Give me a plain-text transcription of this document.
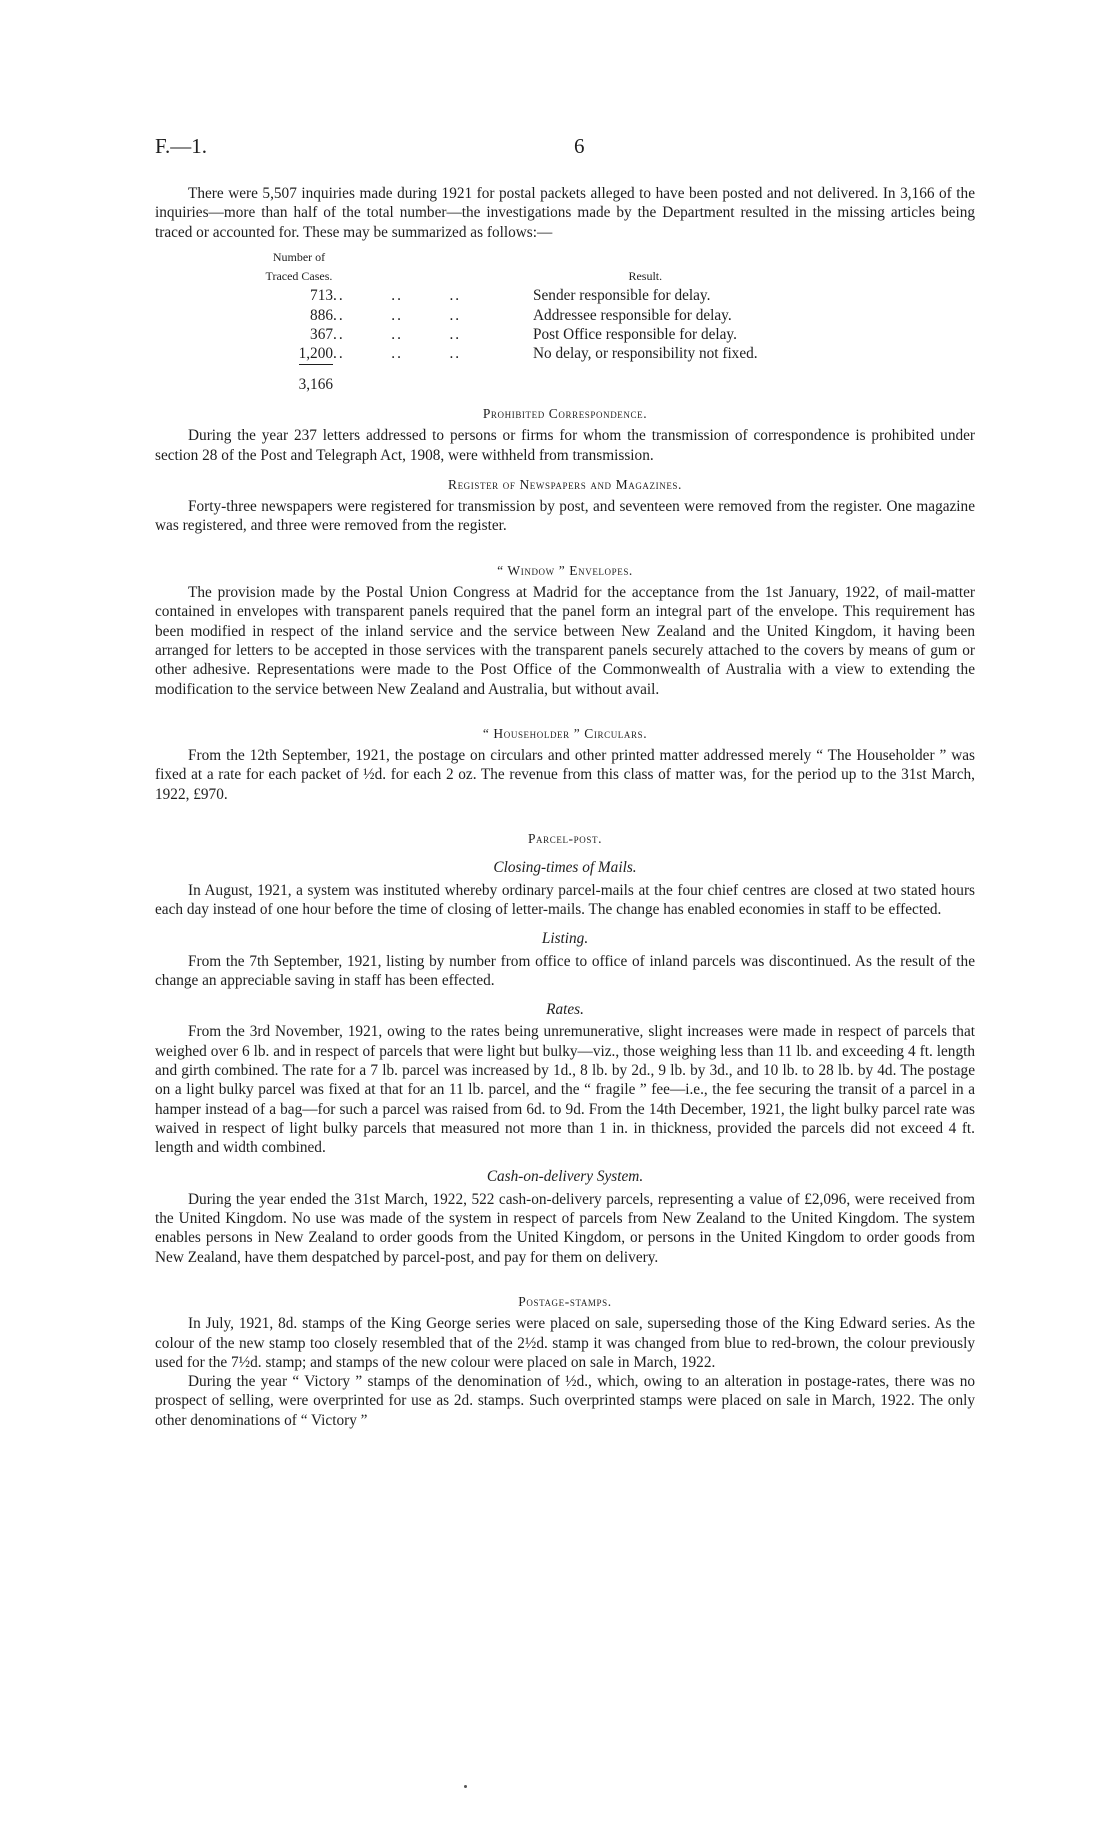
F.—1.	6

There were 5,507 inquiries made during 1921 for postal packets alleged to have been posted and not delivered. In 3,166 of the inquiries—more than half of the total number—the investigations made by the Department resulted in the missing articles being traced or accounted for. These may be summarized as follows:—

Number of Traced Cases.		Result.
713	..        ..        ..	Sender responsible for delay.
886	..        ..        ..	Addressee responsible for delay.
367	..        ..        ..	Post Office responsible for delay.
1,200	..        ..        ..	No delay, or responsibility not fixed.
3,166		
Prohibited Correspondence.

During the year 237 letters addressed to persons or firms for whom the transmission of correspondence is prohibited under section 28 of the Post and Telegraph Act, 1908, were withheld from transmission.

Register of Newspapers and Magazines.

Forty-three newspapers were registered for transmission by post, and seventeen were removed from the register. One magazine was registered, and three were removed from the register.

“ Window ” Envelopes.

The provision made by the Postal Union Congress at Madrid for the acceptance from the 1st January, 1922, of mail-matter contained in envelopes with transparent panels required that the panel form an integral part of the envelope. This requirement has been modified in respect of the inland service and the service between New Zealand and the United Kingdom, it having been arranged for letters to be accepted in those services with the transparent panels securely attached to the covers by means of gum or other adhesive. Representations were made to the Post Office of the Commonwealth of Australia with a view to extending the modification to the service between New Zealand and Australia, but without avail.

“ Householder ” Circulars.

From the 12th September, 1921, the postage on circulars and other printed matter addressed merely “ The Householder ” was fixed at a rate for each packet of ½d. for each 2 oz. The revenue from this class of matter was, for the period up to the 31st March, 1922, £970.

Parcel-post.
Closing-times of Mails.

In August, 1921, a system was instituted whereby ordinary parcel-mails at the four chief centres are closed at two stated hours each day instead of one hour before the time of closing of letter-mails. The change has enabled economies in staff to be effected.

Listing.

From the 7th September, 1921, listing by number from office to office of inland parcels was discontinued. As the result of the change an appreciable saving in staff has been effected.

Rates.

From the 3rd November, 1921, owing to the rates being unremunerative, slight increases were made in respect of parcels that weighed over 6 lb. and in respect of parcels that were light but bulky—viz., those weighing less than 11 lb. and exceeding 4 ft. length and girth combined. The rate for a 7 lb. parcel was increased by 1d., 8 lb. by 2d., 9 lb. by 3d., and 10 lb. to 28 lb. by 4d. The postage on a light bulky parcel was fixed at that for an 11 lb. parcel, and the “ fragile ” fee—i.e., the fee securing the transit of a parcel in a hamper instead of a bag—for such a parcel was raised from 6d. to 9d. From the 14th December, 1921, the light bulky parcel rate was waived in respect of light bulky parcels that measured not more than 1 in. in thickness, provided the parcels did not exceed 4 ft. length and width combined.

Cash-on-delivery System.

During the year ended the 31st March, 1922, 522 cash-on-delivery parcels, representing a value of £2,096, were received from the United Kingdom. No use was made of the system in respect of parcels from New Zealand to the United Kingdom. The system enables persons in New Zealand to order goods from the United Kingdom, or persons in the United Kingdom to order goods from New Zealand, have them despatched by parcel-post, and pay for them on delivery.

Postage-stamps.

In July, 1921, 8d. stamps of the King George series were placed on sale, superseding those of the King Edward series. As the colour of the new stamp too closely resembled that of the 2½d. stamp it was changed from blue to red-brown, the colour previously used for the 7½d. stamp; and stamps of the new colour were placed on sale in March, 1922.

During the year “ Victory ” stamps of the denomination of ½d., which, owing to an alteration in postage-rates, there was no prospect of selling, were overprinted for use as 2d. stamps. Such overprinted stamps were placed on sale in March, 1922. The only other denominations of “ Victory ”
